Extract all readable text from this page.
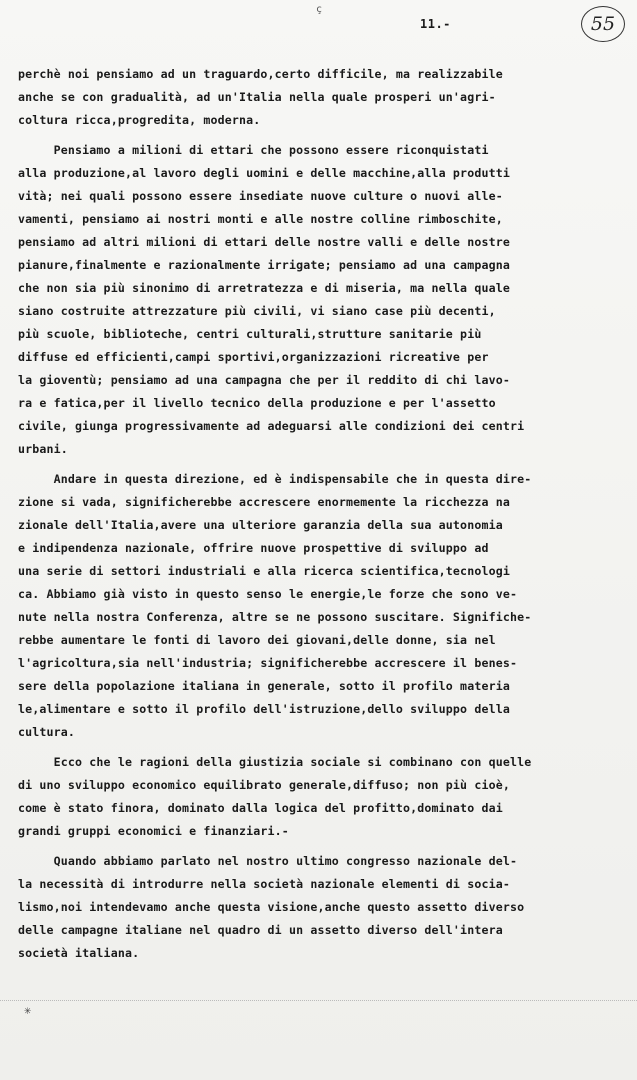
ç
11.-	55
perchè noi pensiamo ad un traguardo,certo difficile, ma realizzabile
anche se con gradualità, ad un'Italia nella quale prosperi un'agri-
coltura ricca,progredita, moderna.
Pensiamo a milioni di ettari che possono essere riconquistati
alla produzione,al lavoro degli uomini e delle macchine,alla produtti
vità; nei quali possono essere insediate nuove culture o nuovi alle-
vamenti, pensiamo ai nostri monti e alle nostre colline rimboschite,
pensiamo ad altri milioni di ettari delle nostre valli e delle nostre
pianure,finalmente e razionalmente irrigate; pensiamo ad una campagna
che non sia più sinonimo di arretratezza e di miseria, ma nella quale
siano costruite attrezzature più civili, vi siano case più decenti,
più scuole, biblioteche, centri culturali,strutture sanitarie più
diffuse ed efficienti,campi sportivi,organizzazioni ricreative per
la gioventù; pensiamo ad una campagna che per il reddito di chi lavo-
ra e fatica,per il livello tecnico della produzione e per l'assetto
civile, giunga progressivamente ad adeguarsi alle condizioni dei centri
urbani.
Andare in questa direzione, ed è indispensabile che in questa dire-
zione si vada, significherebbe accrescere enormemente la ricchezza na
zionale dell'Italia,avere una ulteriore garanzia della sua autonomia
e indipendenza nazionale, offrire nuove prospettive di sviluppo ad
una serie di settori industriali e alla ricerca scientifica,tecnologi
ca. Abbiamo già visto in questo senso le energie,le forze che sono ve-
nute nella nostra Conferenza, altre se ne possono suscitare. Significhe-
rebbe aumentare le fonti di lavoro dei giovani,delle donne, sia nel
l'agricoltura,sia nell'industria; significherebbe accrescere il benes-
sere della popolazione italiana in generale, sotto il profilo materia
le,alimentare e sotto il profilo dell'istruzione,dello sviluppo della
cultura.
Ecco che le ragioni della giustizia sociale si combinano con quelle
di uno sviluppo economico equilibrato generale,diffuso; non più cioè,
come è stato finora, dominato dalla logica del profitto,dominato dai
grandi gruppi economici e finanziari.-
Quando abbiamo parlato nel nostro ultimo congresso nazionale del-
la necessità di introdurre nella società nazionale elementi di socia-
lismo,noi intendevamo anche questa visione,anche questo assetto diverso
delle campagne italiane nel quadro di un assetto diverso dell'intera
società italiana.
✳
